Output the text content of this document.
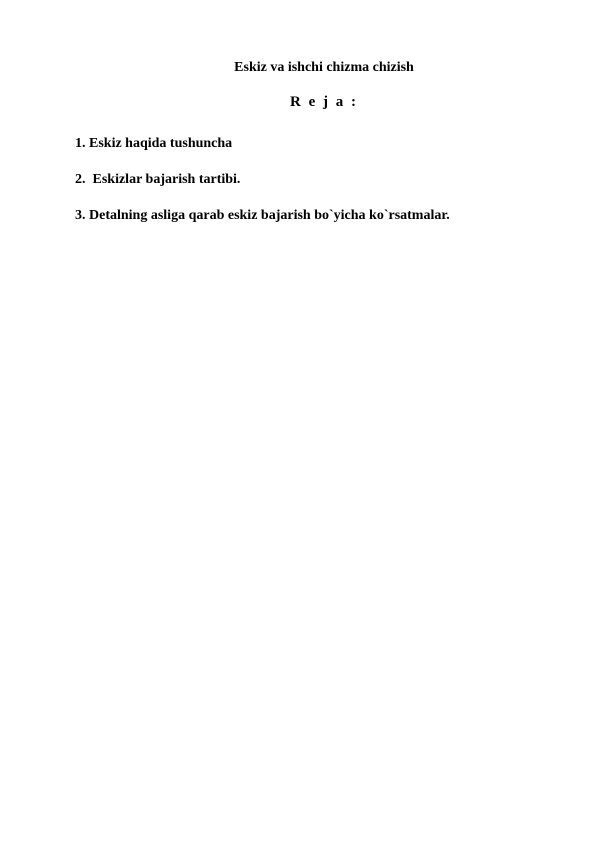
Eskiz va ishchi chizma chizish
R e j a :
1. Eskiz haqida tushuncha
2.  Eskizlar bajarish tartibi.
3. Detalning asliga qarab eskiz bajarish bo`yicha ko`rsatmalar.
